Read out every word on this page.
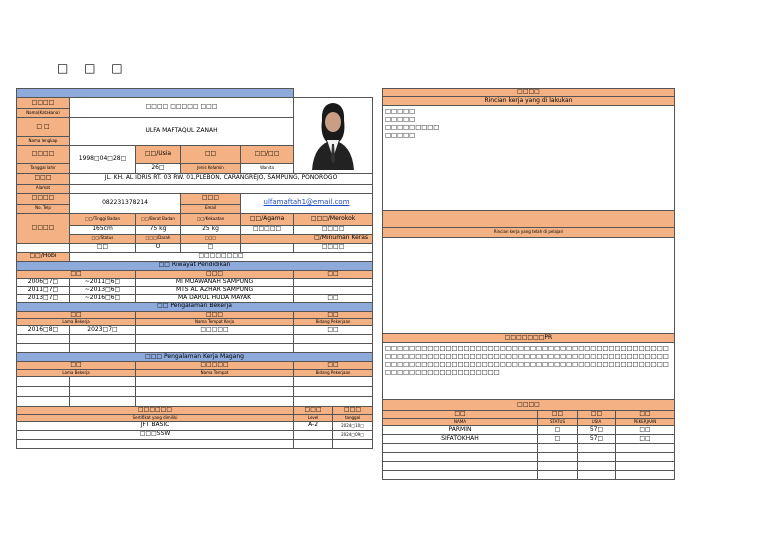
□ □ □

□□□□	□□□□ □□□□□ □□□	
Nama(Katakana)						
□ □	ULFA MAFTAQUL ZANAH					
Nama lengkap						
□□□□	1998□04□28□	□□/Usia	□□	□□/□□		
Tanggal lahir		26□	Jenis Kelamin	Wanita		
□□□	JL. KH. AL IDRIS RT. 03 RW. 01,PLEBON, CARANGREJO, SAMPUNG, PONOROGO					
Alamat						
□□□□	082231378214		□□□	ulfamaftah1@email.com		
No. Telp			Email			
□□□□	□□/Tinggi Badan	□□/Berat Badan	□□/Kekuatan	□□/Agama	□□□/Merokok	
	165cm	75 kg	25 kg	□□□□□	□□□□	
	□□/Status	□□□/Darah	□□□	□/Minuman Keras		
	□□	O	□		□□□□	
□□/Hobi	□□□□□□□□					
□□ Riwayat Pendidikan						
□□		□□□			□□	
2006□7□	~2011□6□	MI MUAWANAH SAMPUNG				
2011□7□	~2013□6□	MTS AL AZHAR SAMPUNG				
2013□7□	~2016□6□	MA DARUL HUDA MAYAK			□□	
□□ Pengalaman Bekerja						
□□		□□□			□□	
Lama Bekerja		Nama Tempat Kerja			Bidang Pekerjaan	
2016□8□	2023□7□	□□□□□			□□	

□□□ Pengalaman Kerja Magang						
□□		□□□□□			□□	
Lama Bekerja		Nama Tempat			Bidang Pekerjaan	

□□□□□□					□□□	□□□
Sertifikat yang dimiliki					Level	tanggal
JFT BASIC					A-2	2024□10□
□□□SSW						2024□09□

□□□□			
Rincian kerja yang di lakukan			

□□□□□
□□□□□
□□□□□□□□□
□□□□□			

Rincian kerja yang telah di pelajari			

□□□□□□□PR			
□□□□□□□□□□□□□□□□□□□□□□□□□□□□□□□□□□□□□□□□□□□□□□□□□□□□□□□□□□□□□□□□□□□□□□□□□□□□□□□□□□□□□□□□□□□□□□□□□□□□□□□□□□□□□□□□□□□□□□□□□□□□□□□□□□□□□□□□□□□□□□□□□□□□□□□□□□□□□□□□			
□□□□			
□□	□□	□□	□□
NAMA	STATUS	USIA	PEKERJAAN
PARMIN	□	57□	□□
SIFATOKHAH	□	57□	□□
